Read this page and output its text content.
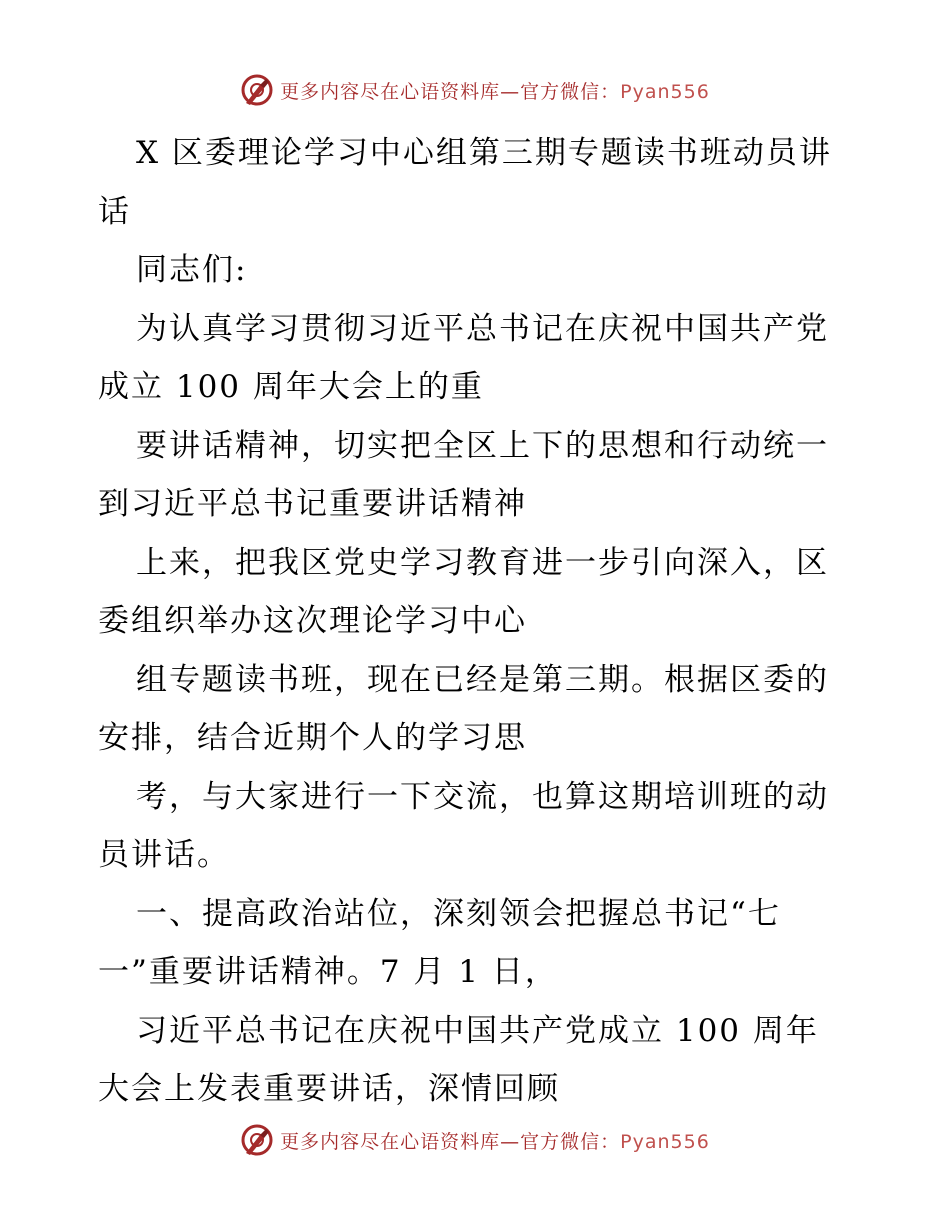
更多内容尽在心语资料库—官方微信：Pyan556
X 区委理论学习中心组第三期专题读书班动员讲
话
同志们:
为认真学习贯彻习近平总书记在庆祝中国共产党
成立 100 周年大会上的重
要讲话精神，切实把全区上下的思想和行动统一
到习近平总书记重要讲话精神
上来，把我区党史学习教育进一步引向深入，区
委组织举办这次理论学习中心
组专题读书班，现在已经是第三期。根据区委的
安排，结合近期个人的学习思
考，与大家进行一下交流，也算这期培训班的动
员讲话。
一、提高政治站位，深刻领会把握总书记“七
一”重要讲话精神。7 月 1 日，
习近平总书记在庆祝中国共产党成立 100 周年
大会上发表重要讲话，深情回顾
更多内容尽在心语资料库—官方微信：Pyan556
